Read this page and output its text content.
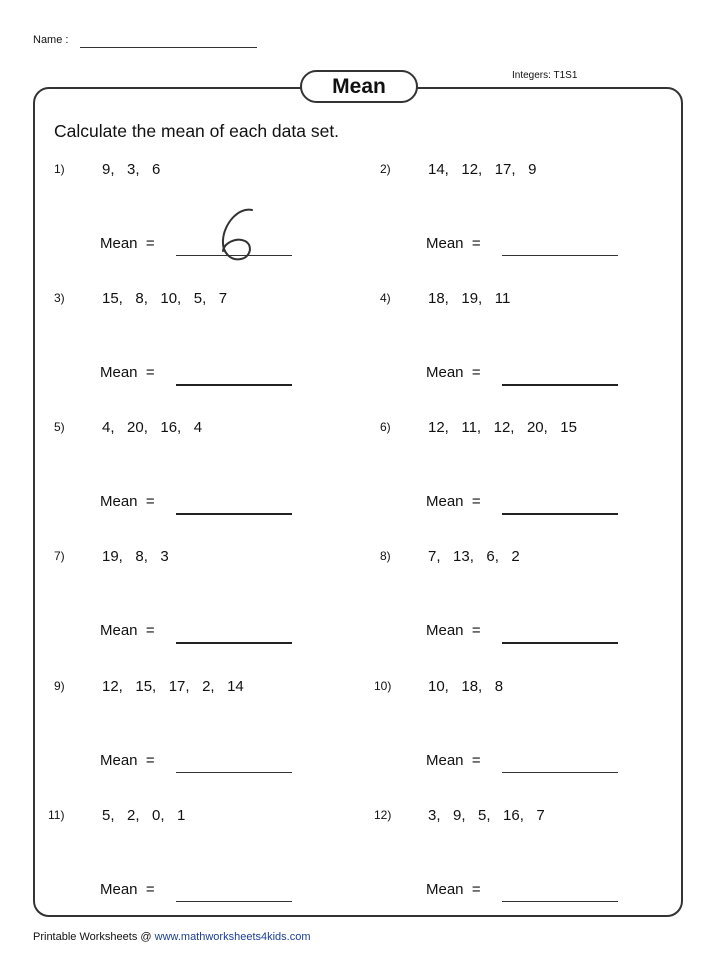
Name :
Integers: T1S1
Mean
Calculate the mean of each data set.
1) 9,   3,   6
Mean  =
2) 14,   12,   17,   9
Mean  =
3) 15,   8,   10,   5,   7
Mean  =
4) 18,   19,   11
Mean  =
5) 4,   20,   16,   4
Mean  =
6) 12,   11,   12,   20,   15
Mean  =
7) 19,   8,   3
Mean  =
8) 7,   13,   6,   2
Mean  =
9) 12,   15,   17,   2,   14
Mean  =
10) 10,   18,   8
Mean  =
11)	5,   2,   0,   1
Mean  =
12) 3,   9,   5,   16,   7
Mean  =
Printable Worksheets @ www.mathworksheets4kids.com
